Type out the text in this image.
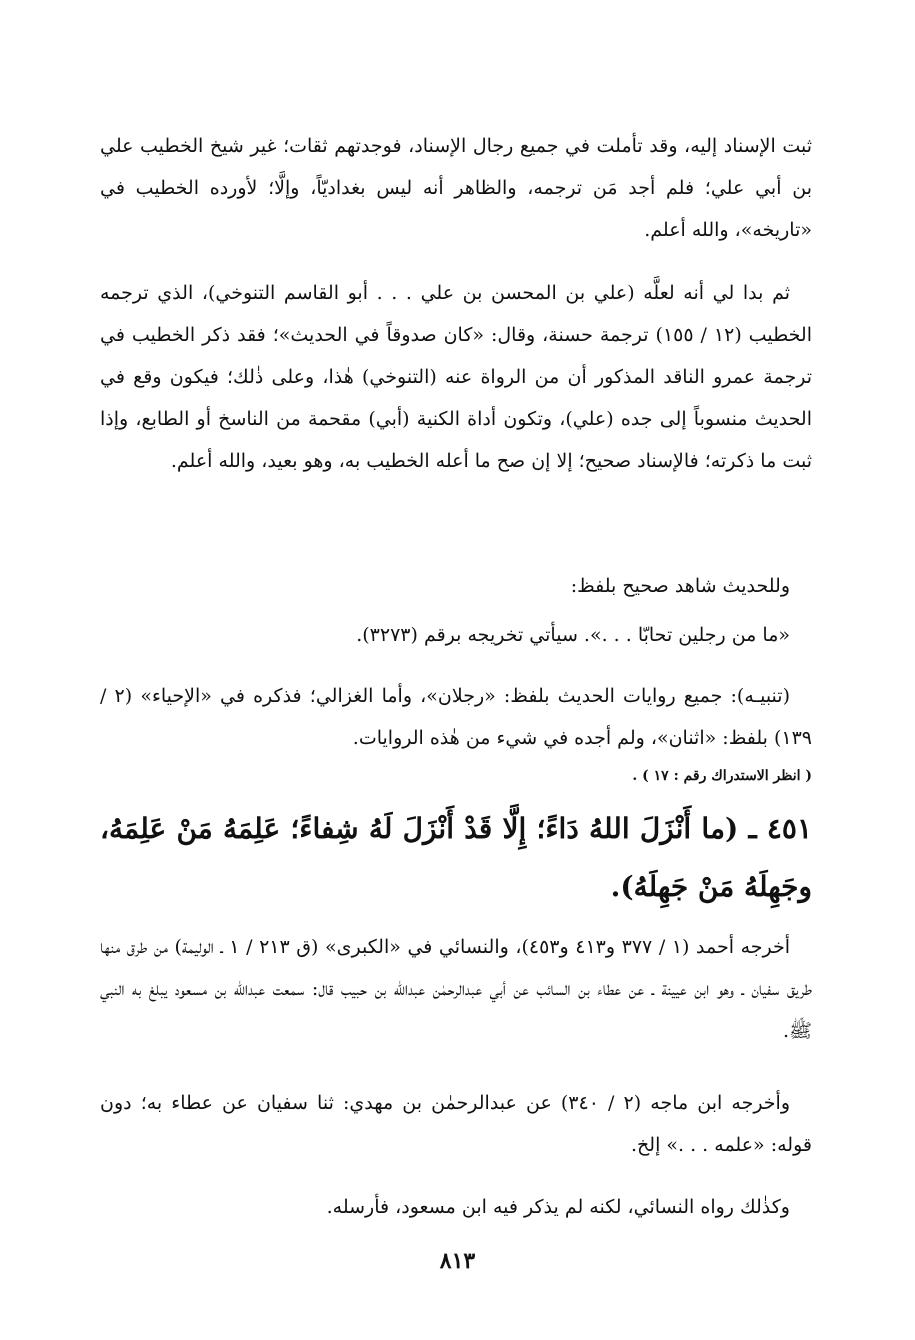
ثبت الإسناد إليه، وقد تأملت في جميع رجال الإسناد، فوجدتهم ثقات؛ غير شيخ الخطيب علي بن أبي علي؛ فلم أجد مَن ترجمه، والظاهر أنه ليس بغداديّاً، وإلَّا؛ لأورده الخطيب في «تاريخه»، والله أعلم.
ثم بدا لي أنه لعلَّه (علي بن المحسن بن علي . . . أبو القاسم التنوخي)، الذي ترجمه الخطيب (١٢ / ١٥٥) ترجمة حسنة، وقال: «كان صدوقاً في الحديث»؛ فقد ذكر الخطيب في ترجمة عمرو الناقد المذكور أن من الرواة عنه (التنوخي) هٰذا، وعلى ذٰلك؛ فيكون وقع في الحديث منسوباً إلى جده (علي)، وتكون أداة الكنية (أبي) مقحمة من الناسخ أو الطابع، وإذا ثبت ما ذكرته؛ فالإسناد صحيح؛ إلا إن صح ما أعله الخطيب به، وهو بعيد، والله أعلم.
وللحديث شاهد صحيح بلفظ:
«ما من رجلين تحابّا . . .». سيأتي تخريجه برقم (٣٢٧٣).
(تنبيـه): جميع روايات الحديث بلفظ: «رجلان»، وأما الغزالي؛ فذكره في «الإحياء» (٢ / ١٣٩) بلفظ: «اثنان»، ولم أجده في شيء من هٰذه الروايات.
( انظر الاستدراك رقم : ١٧ ) .
٤٥١ ـ (ما أَنْزَلَ اللهُ دَاءً؛ إِلَّا قَدْ أَنْزَلَ لَهُ شِفاءً؛ عَلِمَهُ مَنْ عَلِمَهُ، وجَهِلَهُ مَنْ جَهِلَهُ).
أخرجه أحمد (١ / ٣٧٧ و٤١٣ و٤٥٣)، والنسائي في «الكبرى» (ق ٢١٣ / ١ ـ الوليمة) من طرق منها طريق سفيان ـ وهو ابن عيينة ـ عن عطاء بن السائب عن أبي عبدالرحمٰن عبدالله بن حبيب قال: سمعت عبدالله بن مسعود يبلغ به النبي ﷺ.
وأخرجه ابن ماجه (٢ / ٣٤٠) عن عبدالرحمٰن بن مهدي: ثنا سفيان عن عطاء به؛ دون قوله: «علمه . . .» إلخ.
وكذٰلك رواه النسائي، لكنه لم يذكر فيه ابن مسعود، فأرسله.
٨١٣
